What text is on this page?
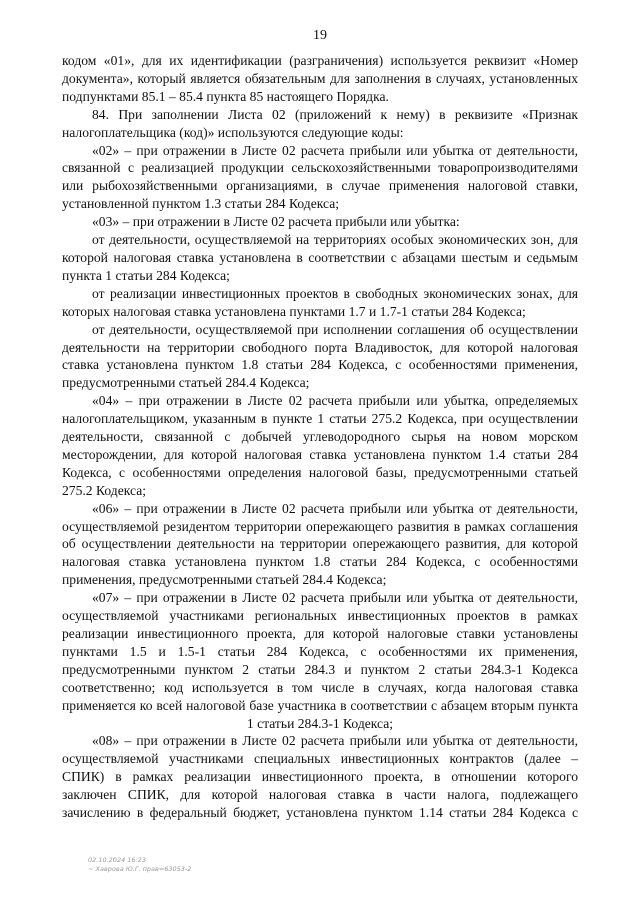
19

кодом «01», для их идентификации (разграничения) используется реквизит «Номер

документа», который является обязательным для заполнения в случаях, установленных

подпунктами 85.1 – 85.4 пункта 85 настоящего Порядка.

84. При заполнении Листа 02 (приложений к нему) в реквизите «Признак

налогоплательщика (код)» используются следующие коды:

«02» – при отражении в Листе 02 расчета прибыли или убытка от деятельности,

связанной с реализацией продукции сельскохозяйственными товаропроизводителями

или рыбохозяйственными организациями, в случае применения налоговой ставки,

установленной пунктом 1.3 статьи 284 Кодекса;

«03» – при отражении в Листе 02 расчета прибыли или убытка:

от деятельности, осуществляемой на территориях особых экономических зон, для

которой налоговая ставка установлена в соответствии с абзацами шестым и седьмым

пункта 1 статьи 284 Кодекса;

от реализации инвестиционных проектов в свободных экономических зонах, для

которых налоговая ставка установлена пунктами 1.7 и 1.7-1 статьи 284 Кодекса;

от деятельности, осуществляемой при исполнении соглашения об осуществлении

деятельности на территории свободного порта Владивосток, для которой налоговая

ставка установлена пунктом 1.8 статьи 284 Кодекса, с особенностями применения,

предусмотренными статьей 284.4 Кодекса;

«04» – при отражении в Листе 02 расчета прибыли или убытка, определяемых

налогоплательщиком, указанным в пункте 1 статьи 275.2 Кодекса, при осуществлении

деятельности, связанной с добычей углеводородного сырья на новом морском

месторождении, для которой налоговая ставка установлена пунктом 1.4 статьи 284

Кодекса, с особенностями определения налоговой базы, предусмотренными статьей

275.2 Кодекса;

«06» – при отражении в Листе 02 расчета прибыли или убытка от деятельности,

осуществляемой резидентом территории опережающего развития в рамках соглашения

об осуществлении деятельности на территории опережающего развития, для которой

налоговая ставка установлена пунктом 1.8 статьи 284 Кодекса, с особенностями

применения, предусмотренными статьей 284.4 Кодекса;

«07» – при отражении в Листе 02 расчета прибыли или убытка от деятельности,

осуществляемой участниками региональных инвестиционных проектов в рамках

реализации инвестиционного проекта, для которой налоговые ставки установлены

пунктами 1.5 и 1.5-1 статьи 284 Кодекса, с особенностями их применения,

предусмотренными пунктом 2 статьи 284.3 и пунктом 2 статьи 284.3-1 Кодекса

соответственно; код используется в том числе в случаях, когда налоговая ставка

применяется ко всей налоговой базе участника в соответствии с абзацем вторым пункта

1 статьи 284.3-1 Кодекса;

«08» – при отражении в Листе 02 расчета прибыли или убытка от деятельности,

осуществляемой участниками специальных инвестиционных контрактов (далее –

СПИК) в рамках реализации инвестиционного проекта, в отношении которого

заключен СПИК, для которой налоговая ставка в части налога, подлежащего

зачислению в федеральный бюджет, установлена пунктом 1.14 статьи 284 Кодекса с

02.10.2024 16:23
~ Хаврова Ю.Г. прав=63053-2
